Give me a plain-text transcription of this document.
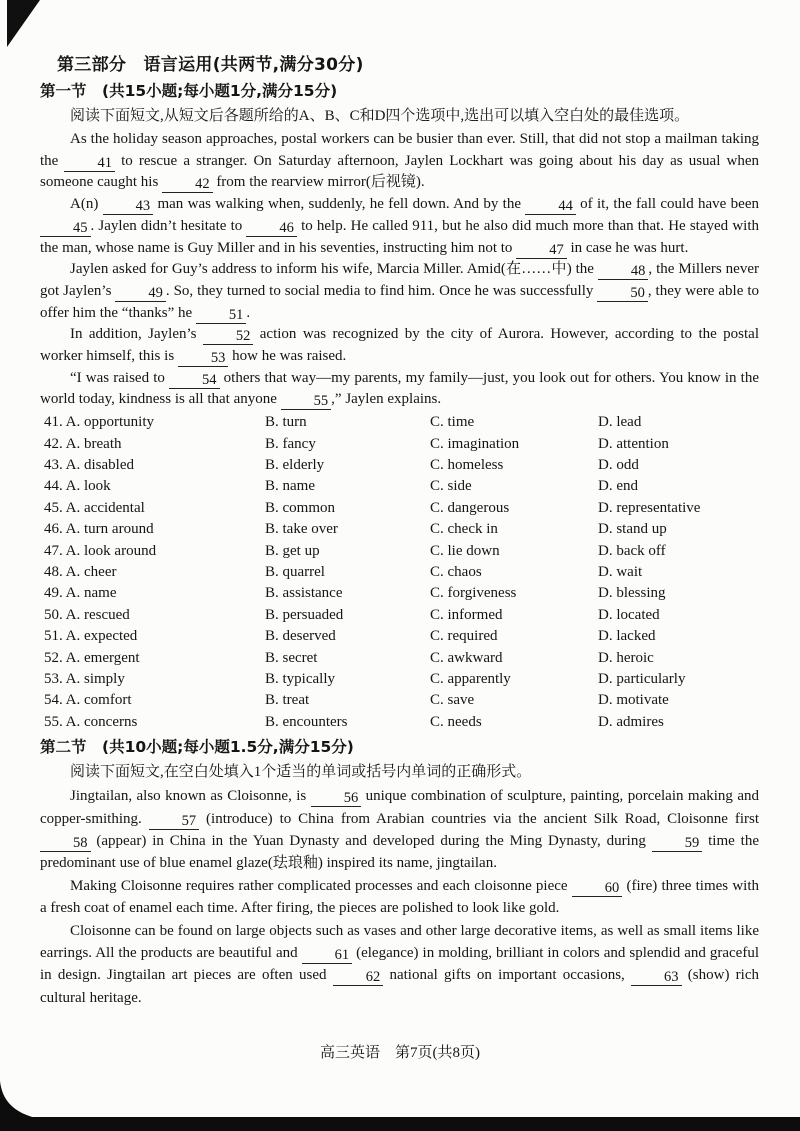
第三部分　语言运用(共两节,满分30分)
第一节　(共15小题;每小题1分,满分15分)

阅读下面短文,从短文后各题所给的A、B、C和D四个选项中,选出可以填入空白处的最佳选项。

As the holiday season approaches, postal workers can be busier than ever. Still, that did not stop a mailman taking the 41 to rescue a stranger. On Saturday afternoon, Jaylen Lockhart was going about his day as usual when someone caught his 42 from the rearview mirror(后视镜).

A(n) 43 man was walking when, suddenly, he fell down. And by the 44 of it, the fall could have been 45 . Jaylen didn’t hesitate to 46 to help. He called 911, but he also did much more than that. He stayed with the man, whose name is Guy Miller and in his seventies, instructing him not to 47 in case he was hurt.

Jaylen asked for Guy’s address to inform his wife, Marcia Miller. Amid(在……中) the 48 , the Millers never got Jaylen’s 49 . So, they turned to social media to find him. Once he was successfully 50 , they were able to offer him the “thanks” he 51 .

In addition, Jaylen’s 52 action was recognized by the city of Aurora. However, according to the postal worker himself, this is 53 how he was raised.

“I was raised to 54 others that way—my parents, my family—just, you look out for others. You know in the world today, kindness is all that anyone 55 ,” Jaylen explains.

41. A. opportunity	B. turn	C. time	D. lead
42. A. breath	B. fancy	C. imagination	D. attention
43. A. disabled	B. elderly	C. homeless	D. odd
44. A. look	B. name	C. side	D. end
45. A. accidental	B. common	C. dangerous	D. representative
46. A. turn around	B. take over	C. check in	D. stand up
47. A. look around	B. get up	C. lie down	D. back off
48. A. cheer	B. quarrel	C. chaos	D. wait
49. A. name	B. assistance	C. forgiveness	D. blessing
50. A. rescued	B. persuaded	C. informed	D. located
51. A. expected	B. deserved	C. required	D. lacked
52. A. emergent	B. secret	C. awkward	D. heroic
53. A. simply	B. typically	C. apparently	D. particularly
54. A. comfort	B. treat	C. save	D. motivate
55. A. concerns	B. encounters	C. needs	D. admires
第二节　(共10小题;每小题1.5分,满分15分)

阅读下面短文,在空白处填入1个适当的单词或括号内单词的正确形式。

Jingtailan, also known as Cloisonne, is 56 unique combination of sculpture, painting, porcelain making and copper-smithing. 57 (introduce) to China from Arabian countries via the ancient Silk Road, Cloisonne first 58 (appear) in China in the Yuan Dynasty and developed during the Ming Dynasty, during 59 time the predominant use of blue enamel glaze(珐琅釉) inspired its name, jingtailan.

Making Cloisonne requires rather complicated processes and each cloisonne piece 60 (fire) three times with a fresh coat of enamel each time. After firing, the pieces are polished to look like gold.

Cloisonne can be found on large objects such as vases and other large decorative items, as well as small items like earrings. All the products are beautiful and 61 (elegance) in molding, brilliant in colors and splendid and graceful in design. Jingtailan art pieces are often used 62 national gifts on important occasions, 63 (show) rich cultural heritage.

高三英语　第7页(共8页)
